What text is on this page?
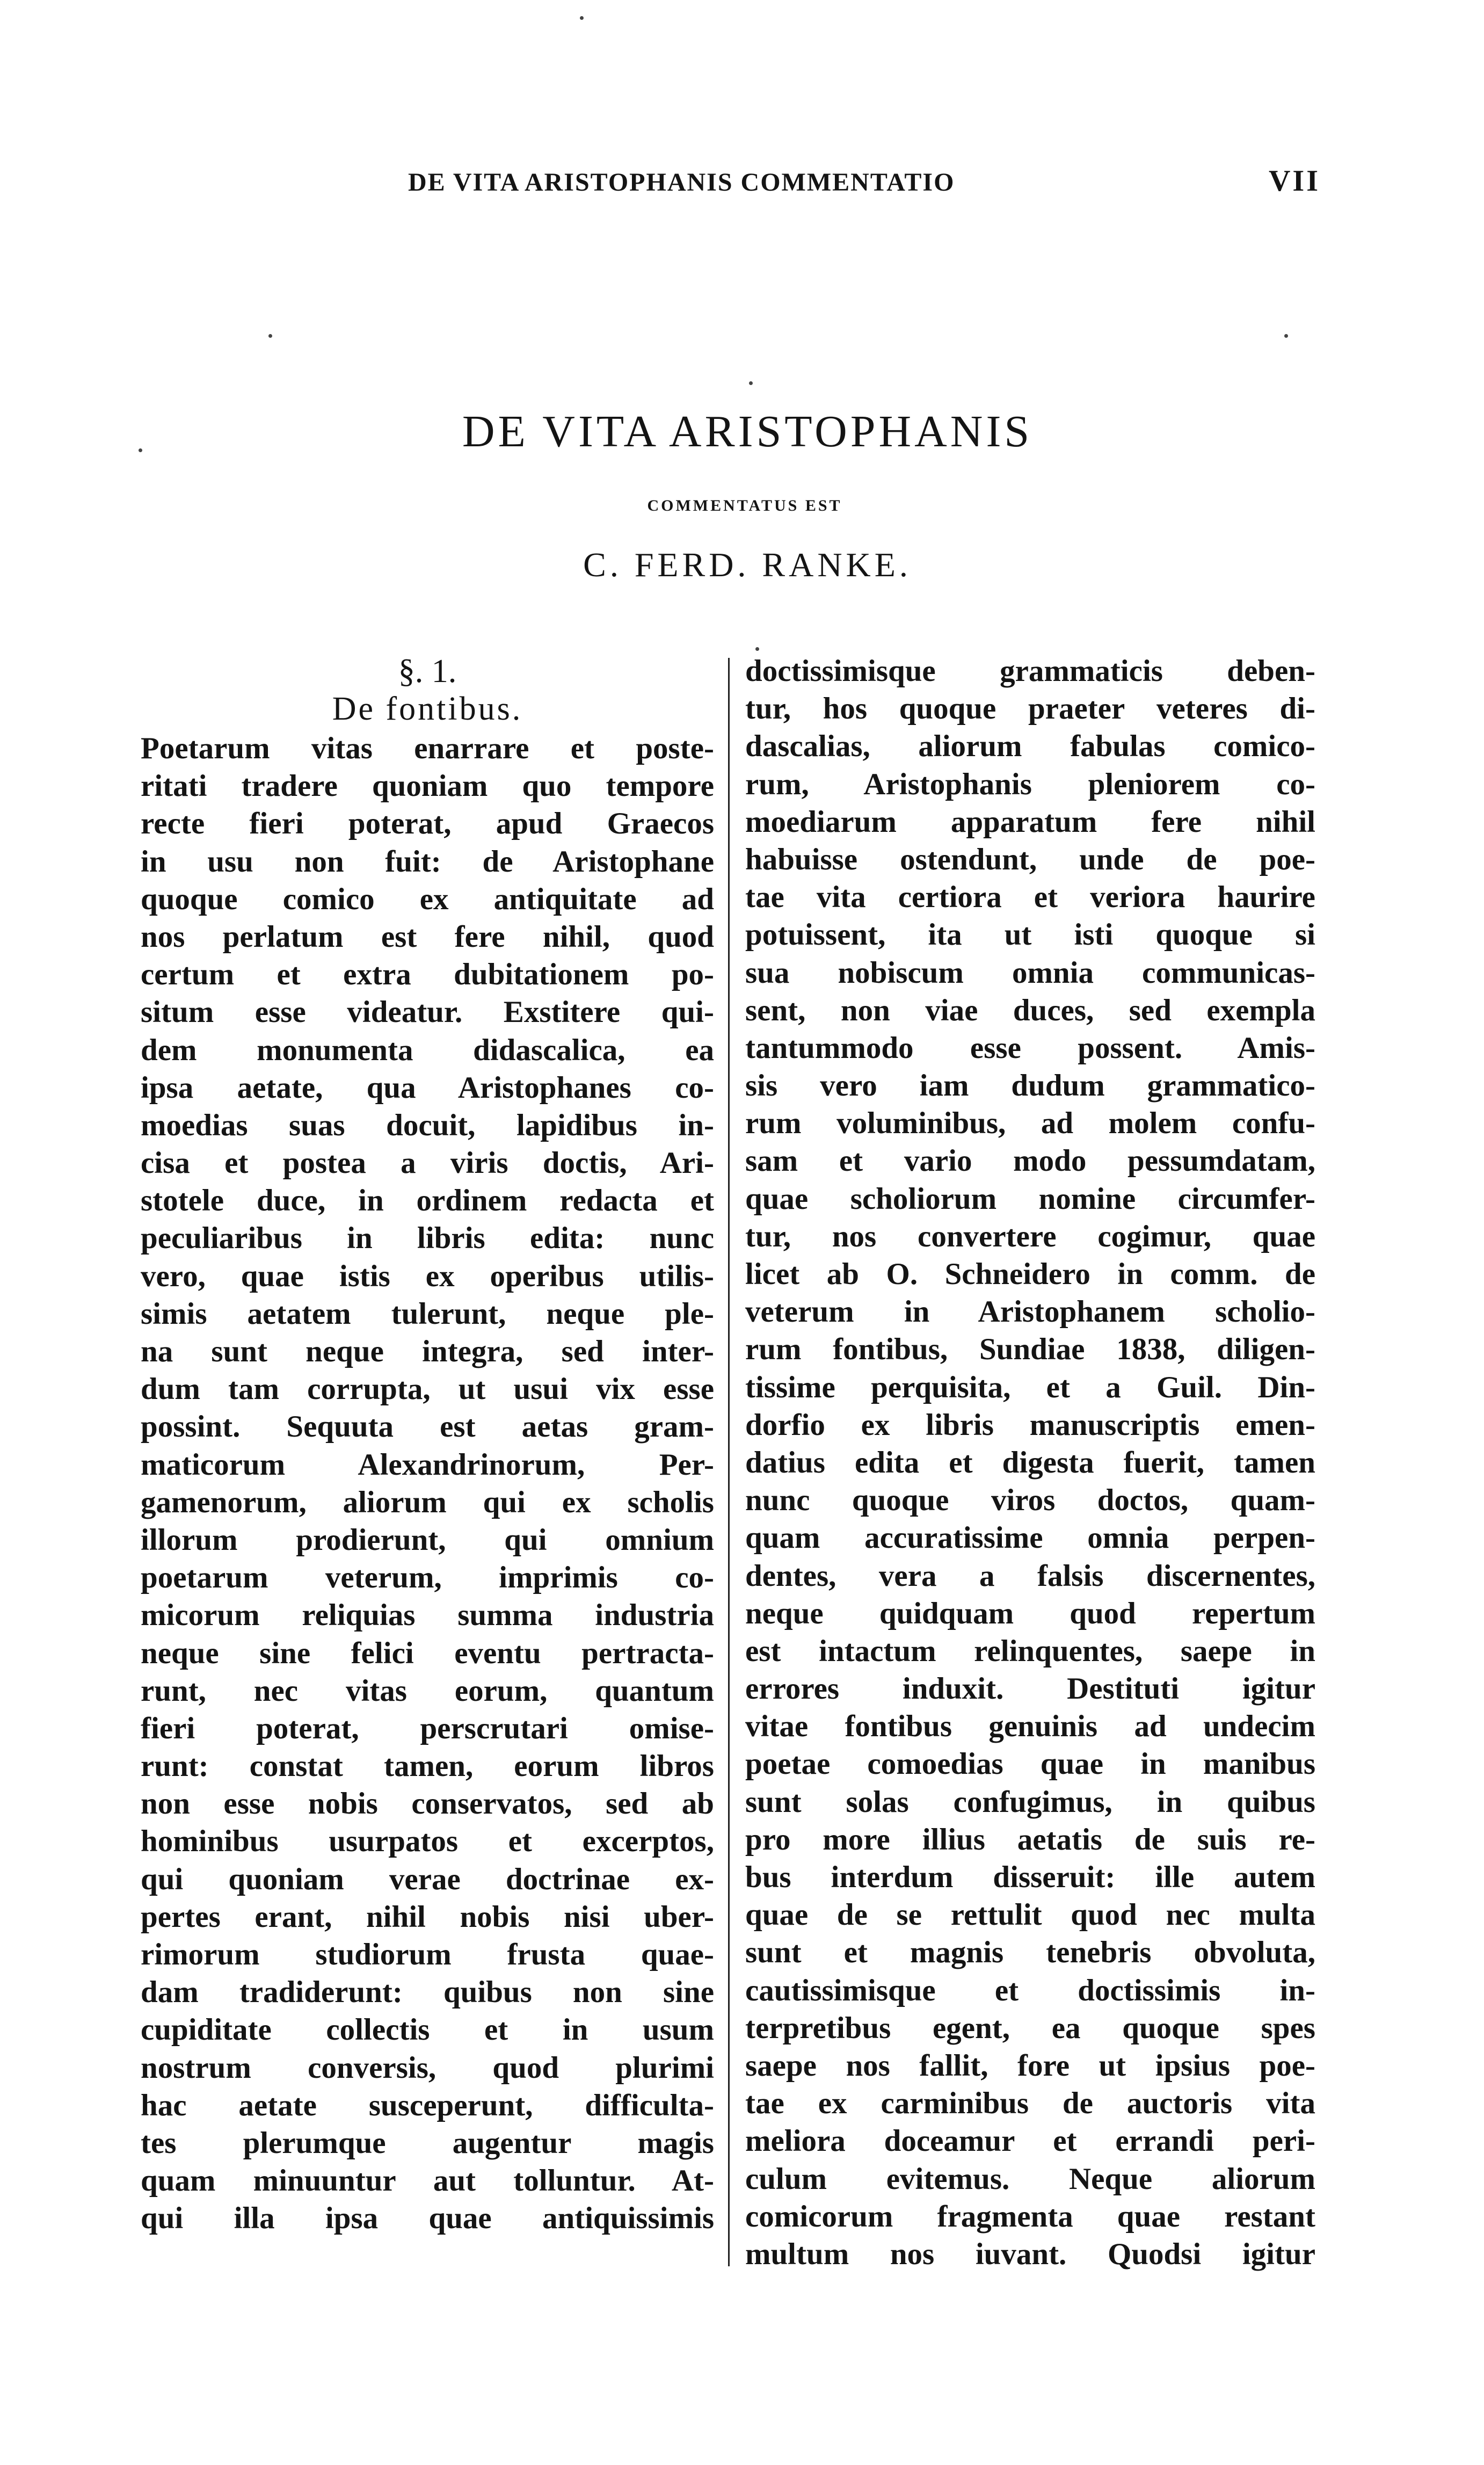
DE VITA ARISTOPHANIS COMMENTATIO	VII
DE VITA ARISTOPHANIS
COMMENTATUS EST
C. FERD. RANKE.
§. 1.
De fontibus.
Poetarum vitas enarrare et poste-
ritati tradere quoniam quo tempore
recte fieri poterat, apud Graecos
in usu non fuit: de Aristophane
quoque comico ex antiquitate ad
nos perlatum est fere nihil, quod
certum et extra dubitationem po-
situm esse videatur. Exstitere qui-
dem monumenta didascalica, ea
ipsa aetate, qua Aristophanes co-
moedias suas docuit, lapidibus in-
cisa et postea a viris doctis, Ari-
stotele duce, in ordinem redacta et
peculiaribus in libris edita: nunc
vero, quae istis ex operibus utilis-
simis aetatem tulerunt, neque ple-
na sunt neque integra, sed inter-
dum tam corrupta, ut usui vix esse
possint. Sequuta est aetas gram-
maticorum Alexandrinorum, Per-
gamenorum, aliorum qui ex scholis
illorum prodierunt, qui omnium
poetarum veterum, imprimis co-
micorum reliquias summa industria
neque sine felici eventu pertracta-
runt, nec vitas eorum, quantum
fieri poterat, perscrutari omise-
runt: constat tamen, eorum libros
non esse nobis conservatos, sed ab
hominibus usurpatos et excerptos,
qui quoniam verae doctrinae ex-
pertes erant, nihil nobis nisi uber-
rimorum studiorum frusta quae-
dam tradiderunt: quibus non sine
cupiditate collectis et in usum
nostrum conversis, quod plurimi
hac aetate susceperunt, difficulta-
tes plerumque augentur magis
quam minuuntur aut tolluntur. At-
qui illa ipsa quae antiquissimis
doctissimisque grammaticis deben-
tur, hos quoque praeter veteres di-
dascalias, aliorum fabulas comico-
rum, Aristophanis pleniorem co-
moediarum apparatum fere nihil
habuisse ostendunt, unde de poe-
tae vita certiora et veriora haurire
potuissent, ita ut isti quoque si
sua nobiscum omnia communicas-
sent, non viae duces, sed exempla
tantummodo esse possent. Amis-
sis vero iam dudum grammatico-
rum voluminibus, ad molem confu-
sam et vario modo pessumdatam,
quae scholiorum nomine circumfer-
tur, nos convertere cogimur, quae
licet ab O. Schneidero in comm. de
veterum in Aristophanem scholio-
rum fontibus, Sundiae 1838, diligen-
tissime perquisita, et a Guil. Din-
dorfio ex libris manuscriptis emen-
datius edita et digesta fuerit, tamen
nunc quoque viros doctos, quam-
quam accuratissime omnia perpen-
dentes, vera a falsis discernentes,
neque quidquam quod repertum
est intactum relinquentes, saepe in
errores induxit. Destituti igitur
vitae fontibus genuinis ad undecim
poetae comoedias quae in manibus
sunt solas confugimus, in quibus
pro more illius aetatis de suis re-
bus interdum disseruit: ille autem
quae de se rettulit quod nec multa
sunt et magnis tenebris obvoluta,
cautissimisque et doctissimis in-
terpretibus egent, ea quoque spes
saepe nos fallit, fore ut ipsius poe-
tae ex carminibus de auctoris vita
meliora doceamur et errandi peri-
culum evitemus. Neque aliorum
comicorum fragmenta quae restant
multum nos iuvant. Quodsi igitur
